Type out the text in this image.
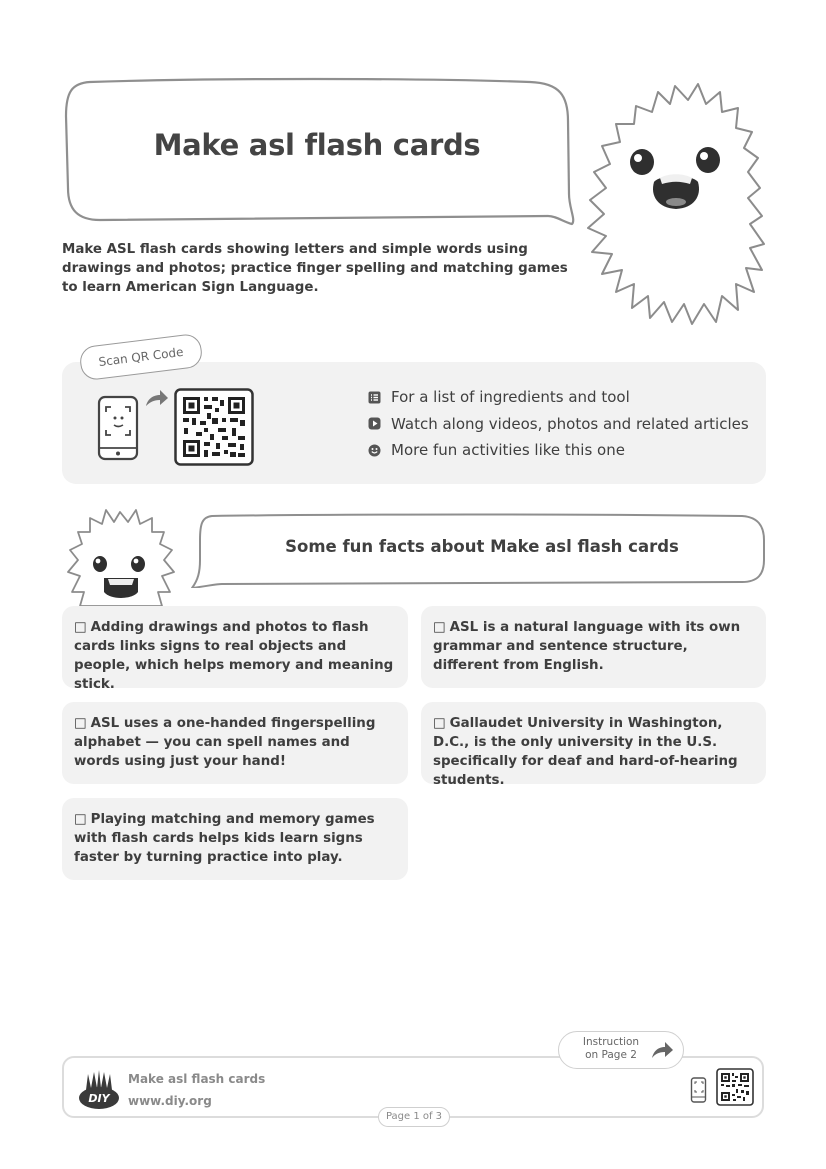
Make asl flash cards
Make ASL flash cards showing letters and simple words using drawings and photos; practice finger spelling and matching games to learn American Sign Language.
Scan QR Code
For a list of ingredients and tool
Watch along videos, photos and related articles
More fun activities like this one
Some fun facts about Make asl flash cards
□ Adding drawings and photos to flash cards links signs to real objects and people, which helps memory and meaning stick.
□ ASL is a natural language with its own grammar and sentence structure, different from English.
□ ASL uses a one-handed fingerspelling alphabet — you can spell names and words using just your hand!
□ Gallaudet University in Washington, D.C., is the only university in the U.S. specifically for deaf and hard-of-hearing students.
□ Playing matching and memory games with flash cards helps kids learn signs faster by turning practice into play.
DIY
Make asl flash cards
www.diy.org
Page 1 of 3
Instruction
on Page 2
